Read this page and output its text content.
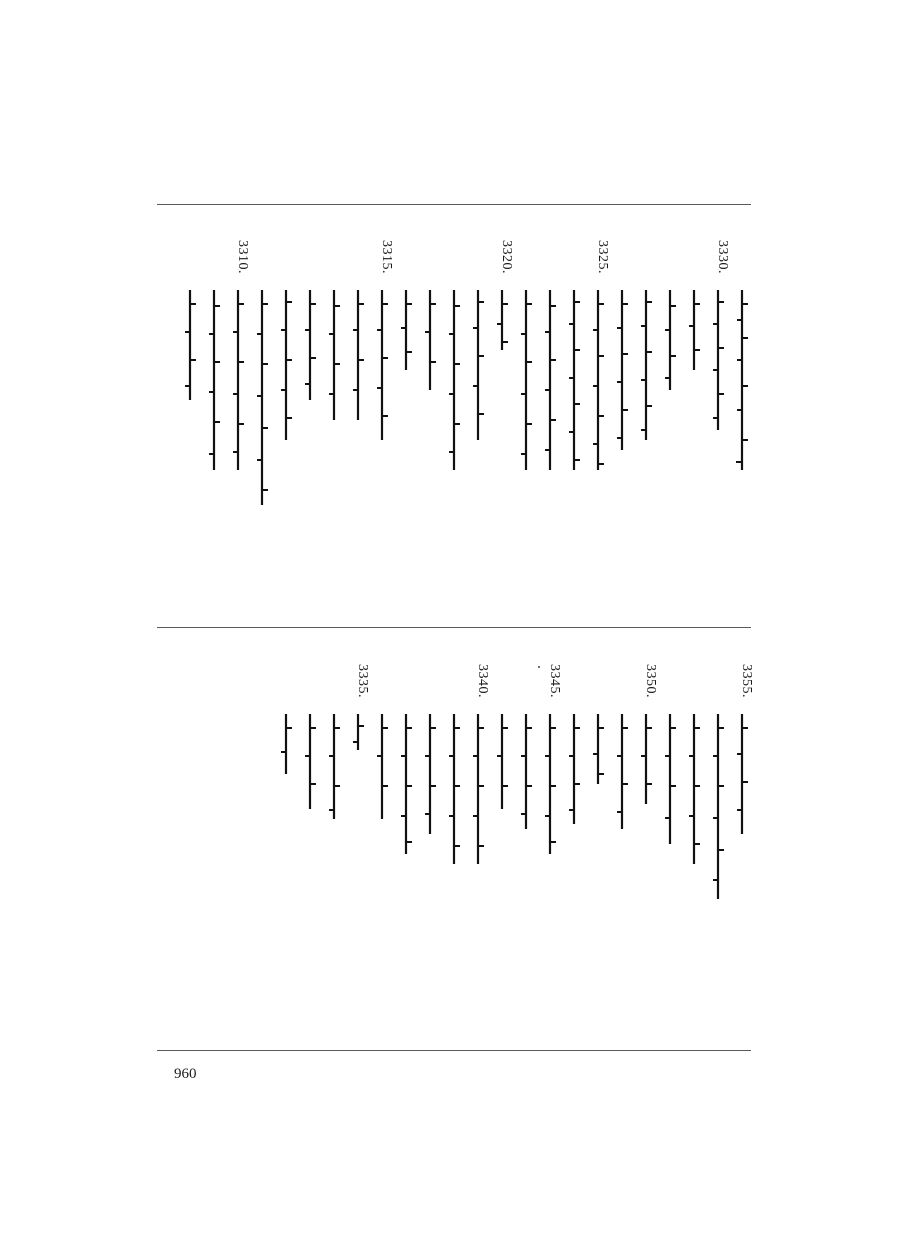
3330.
3325.
3320.
3315.
3310.
3355.
3350.
3345.
3340.
3335.
960
